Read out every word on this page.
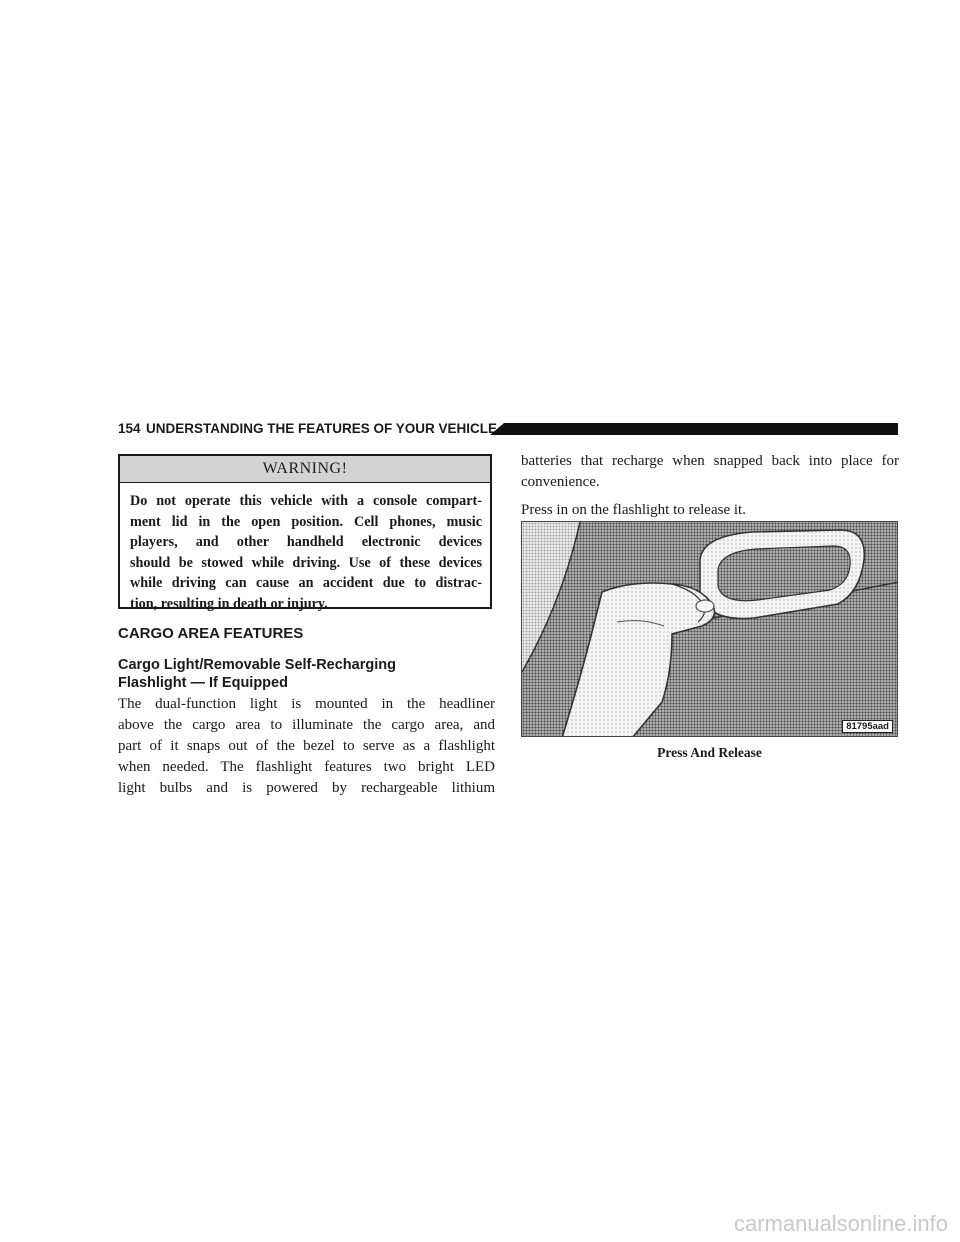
154 UNDERSTANDING THE FEATURES OF YOUR VEHICLE
WARNING!
Do not operate this vehicle with a console compart-
ment lid in the open position. Cell phones, music
players, and other handheld electronic devices
should be stowed while driving. Use of these devices
while driving can cause an accident due to distrac-
tion, resulting in death or injury.
CARGO AREA FEATURES
Cargo Light/Removable Self-Recharging
Flashlight — If Equipped
The dual-function light is mounted in the headliner
above the cargo area to illuminate the cargo area, and
part of it snaps out of the bezel to serve as a flashlight
when needed. The flashlight features two bright LED
light bulbs and is powered by rechargeable lithium
batteries that recharge when snapped back into place for
convenience.
Press in on the flashlight to release it.
81795aad
Press And Release
carmanualsonline.info
